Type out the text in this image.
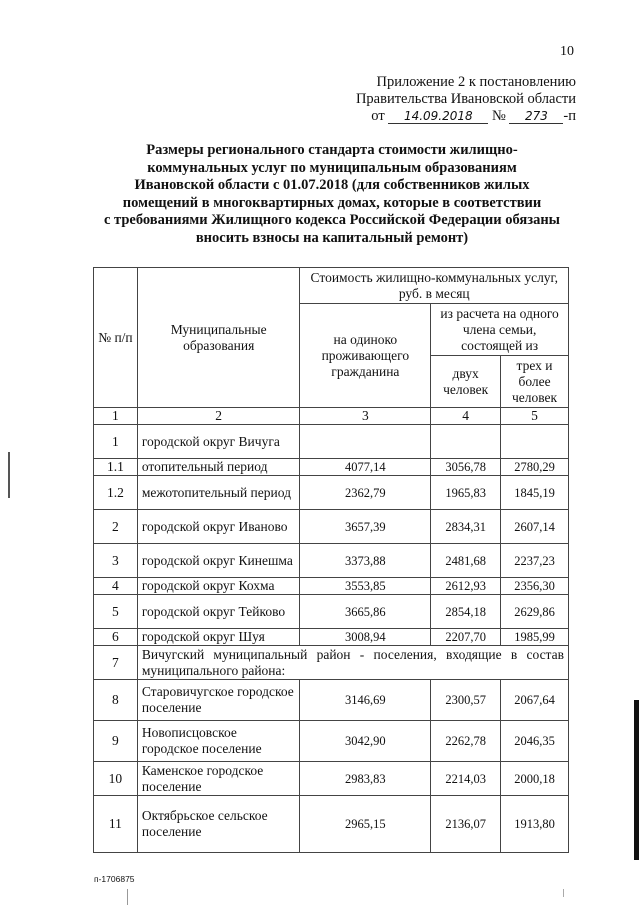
10
Приложение 2 к постановлению
Правительства Ивановской области
от 14.09.2018 № 273 -п
Размеры регионального стандарта стоимости жилищно-
коммунальных услуг по муниципальным образованиям
Ивановской области с 01.07.2018 (для собственников жилых
помещений в многоквартирных домах, которые в соответствии
с требованиями Жилищного кодекса Российской Федерации обязаны
вносить взносы на капитальный ремонт)
№ п/п	Муниципальные образования	Стоимость жилищно-коммунальных услуг, руб. в месяц		
		на одиноко проживающего гражданина	из расчета на одного члена семьи, состоящей из	
			двух человек	трех и более человек
1	2	3	4	5
1	городской округ Вичуга			
1.1	отопительный период	4077,14	3056,78	2780,29
1.2	межотопительный период	2362,79	1965,83	1845,19
2	городской округ Иваново	3657,39	2834,31	2607,14
3	городской округ Кинешма	3373,88	2481,68	2237,23
4	городской округ Кохма	3553,85	2612,93	2356,30
5	городской округ Тейково	3665,86	2854,18	2629,86
6	городской округ Шуя	3008,94	2207,70	1985,99
7	Вичугский муниципальный район - поселения, входящие в состав муниципального района:			
8	Старовичугское городское поселение	3146,69	2300,57	2067,64
9	Новописцовское городское поселение	3042,90	2262,78	2046,35
10	Каменское городское поселение	2983,83	2214,03	2000,18
11	Октябрьское сельское поселение	2965,15	2136,07	1913,80
п-1706875
